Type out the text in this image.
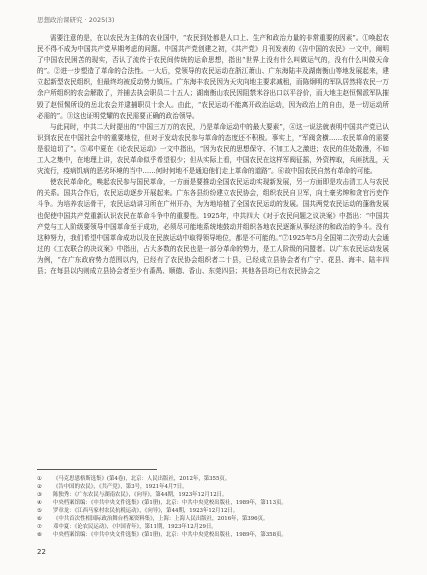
思想政治课研究 · 2025(3)

需要注意的是，在以农民为主体的农业国中，“农民到处都是人口上、生产和政治力量的非常重要的因素”。①唤起农民不得不成为中国共产党早期考虑的问题。中国共产党创建之初，《共产党》月刊发表的《告中国的农民》一文中，阐明了中国农民困苦的现实，否认了流传于农民间传统的运命思想，指出“世界上没有什么叫做运气的，没有什么叫做天命的”。②进一步塑造了革命的合法性。一大后，党领导的农民运动在浙江萧山、广东海陆丰及湖南衡山等地发展起来，建立起新型农民组织，但最终均被反动势力镇压。广东海丰农民因为天灾向地主要求减租，而陈炯明的军队居然将农民一万余户所组织的农会解散了，并捕去执会职员二十五人；湖南衡山农民因阻禁米谷出口以平谷价，而大地主赵恒惕派军队摧毁了赵恒惕所设的岳北农会并逮捕职员十余人。由此，“农民运动不能离开政治运动，因为政治上的自由，是一切运动所必需的”。③这也证明党耀的农民需要正确的政治领导。

与此同时，中共二大时提出的“中国三万万的农民，乃是革命运动中的最大要素”，④这一说法就表明中国共产党已认识到农民在中国社会中的重要地位，但对于发动农民参与革命的态度还不积极。事实上，“军阀贪横……农民革命的需要是很迫切了”。⑤邓中夏在《论农民运动》一文中指出，“因为农民的思想保守、不加工人之激进；农民的住处散漫，不如工人之集中，在地理上讲，农民革命似乎希望很少；但从实际上看，中国农民在这样军阀征摇，外资榨取，兵匪扰乱，天灾流行，疫病饥病的恶劣环境的当中……何时何地不是通迫他们走上革命的道路”。⑥故中国农民自然有革命的可能。

使农民革命化，唤起农民参与国民革命，一方面是要推动全国农民运动实现新发展，另一方面即是攻击清工人与农民的关系。国共合作后，农民运动逐步开展起来。广东各县纷纷建立农民协会，组织农民自卫军，向土豪劣绅和贪官污吏作斗争。为培养农运骨干，农民运动讲习所在广州开办，为为地培植了全国农民运动的发展。国共两党农民运动的蓬勃发展也促使中国共产党重新认识农民在革命斗争中的重要性。1925年，中共四大《对于农民问题之议决案》中指出：“中国共产党与工人阶级要领导中国革命至于成功，必须尽可能地系统地鼓动并组织各地农民逐渐从事经济的和政治的争斗。没有这种努力，我们希望中国革命成功以及在民族运动中取得领导地位，都是不可能的。”⑦1925年5月全国第二次劳动大会通过的《工农联合的决议案》中指出，占大多数的农民也是一部分革命的势力，是工人阶级的同盟者。以广东农民运动发展为例，“在广东政府势力范围以内，已经有了农民协会组织者二十县，已经成立县协会者有广宁、花县、海丰、陆丰四县；在每县以内则成立县协会者至少有番禺、顺德、香山、东莞四县；其他各县均已有农民协会之

①	《马克思恩格斯选集》(第4卷)，北京：人民出版社，2012年，第355页。
②	《告中国的农民》，《共产党》，第3号，1921年4月7日。
③	陈独秀：《广东农民与湖南农民》，《向导》，第44期，1923年12月12日。
④	中央档案馆编：《中共中央文件选集》(第1册)，北京：中共中央党校出版社，1989年，第113页。
⑤	罗章龙：《江西马家村农民抗税运动》，《向导》，第44期，1923年12月12日。
⑥	《中共首次性相国际政治舞台档案资料集》，上海：上海人民出版社，2016年，第396页。
⑦	邓中夏：《论农民运动》，《中国青年》，第11期，1923年12月29日。
⑧	中央档案馆编：《中共中央文件选集》(第1册)，北京：中共中央党校出版社，1989年，第358页。
22
